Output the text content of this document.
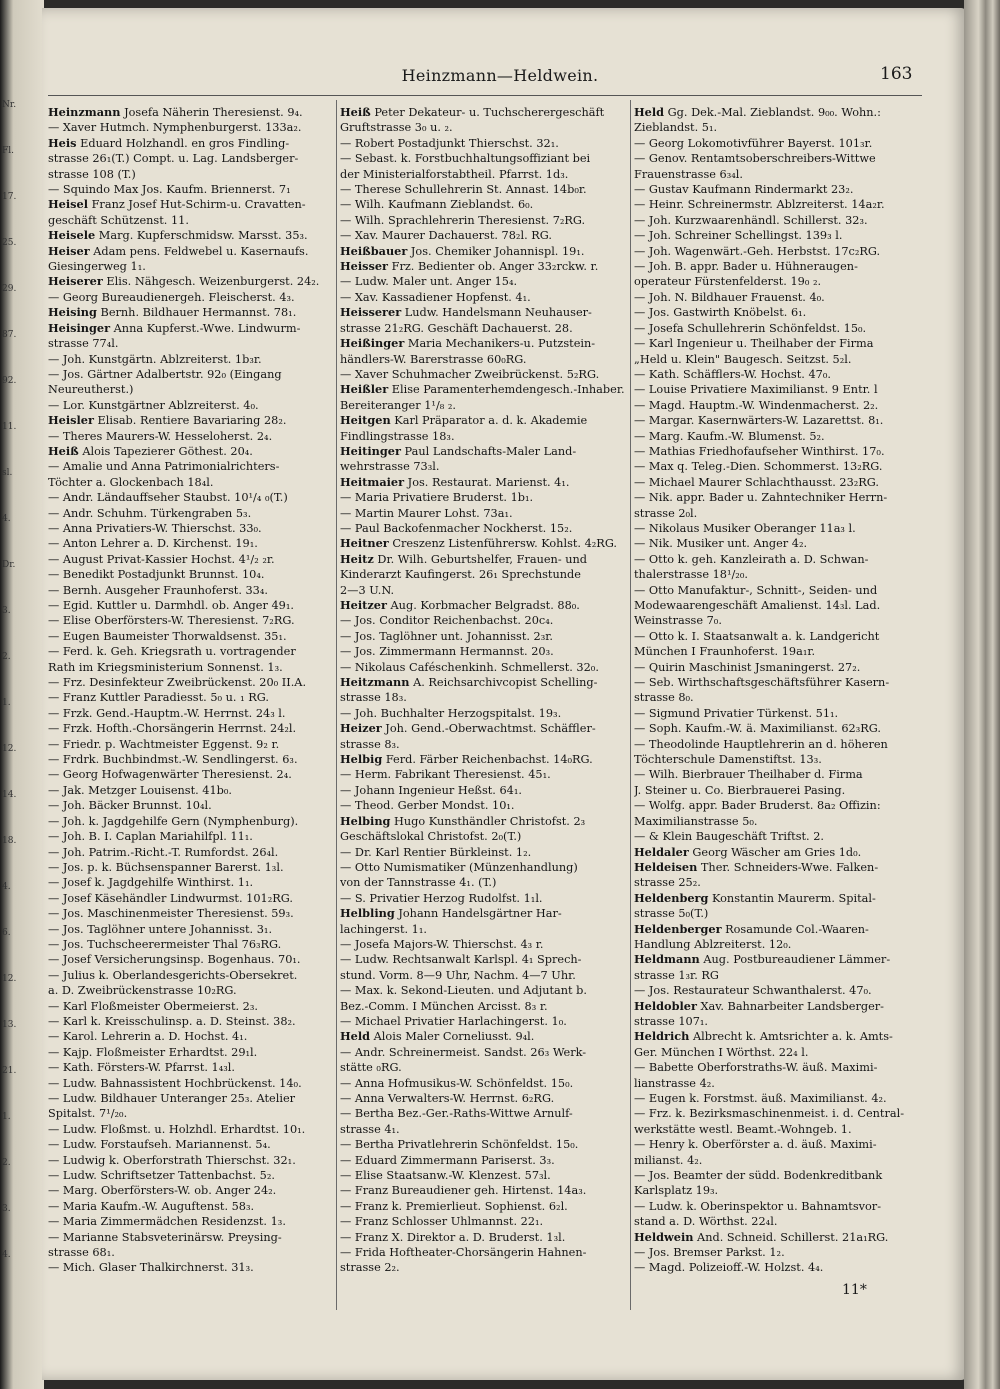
Nr.
Fl.
17.
25.
29.
87.
92.
11.
sl.
4.
Dr.
3.
2.
1.
12.
14.
18.
4.
6.
12.
13.
21.
1.
2.
3.
4.
Heinzmann—Heldwein.	163
Heinzmann Josefa Näherin Theresienst. 9₄.
— Xaver Hutmch. Nymphenburgerst. 133a₂.
Heis Eduard Holzhandl. en gros Findling-
strasse 26₁(T.) Compt. u. Lag. Landsberger-
strasse 108 (T.)
— Squindo Max Jos. Kaufm. Briennerst. 7₁
Heisel Franz Josef Hut-Schirm-u. Cravatten-
geschäft Schützenst. 11.
Heisele Marg. Kupferschmidsw. Marsst. 35₃.
Heiser Adam pens. Feldwebel u. Kasernaufs.
Giesingerweg 1₁.
Heiserer Elis. Nähgesch. Weizenburgerst. 24₂.
— Georg Bureaudienergeh. Fleischerst. 4₃.
Heising Bernh. Bildhauer Hermannst. 78₁.
Heisinger Anna Kupferst.-Wwe. Lindwurm-
strasse 77₄l.
— Joh. Kunstgärtn. Ablzreiterst. 1b₃r.
— Jos. Gärtner Adalbertstr. 92₀ (Eingang
Neureutherst.)
— Lor. Kunstgärtner Ablzreiterst. 4₀.
Heisler Elisab. Rentiere Bavariaring 28₂.
— Theres Maurers-W. Hesseloherst. 2₄.
Heiß Alois Tapezierer Göthest. 20₄.
— Amalie und Anna Patrimonialrichters-
Töchter a. Glockenbach 18₄l.
— Andr. Ländauffseher Staubst. 10¹/₄ ₀(T.)
— Andr. Schuhm. Türkengraben 5₃.
— Anna Privatiers-W. Thierschst. 33₀.
— Anton Lehrer a. D. Kirchenst. 19₁.
— August Privat-Kassier Hochst. 4¹/₂ ₂r.
— Benedikt Postadjunkt Brunnst. 10₄.
— Bernh. Ausgeher Fraunhoferst. 33₄.
— Egid. Kuttler u. Darmhdl. ob. Anger 49₁.
— Elise Oberförsters-W. Theresienst. 7₂RG.
— Eugen Baumeister Thorwaldsenst. 35₁.
— Ferd. k. Geh. Kriegsrath u. vortragender
Rath im Kriegsministerium Sonnenst. 1₃.
— Frz. Desinfekteur Zweibrückenst. 20₀ II.A.
— Franz Kuttler Paradiesst. 5₀ u. ₁ RG.
— Frzk. Gend.-Hauptm.-W. Herrnst. 24₃ l.
— Frzk. Hofth.-Chorsängerin Herrnst. 24₂l.
— Friedr. p. Wachtmeister Eggenst. 9₂ r.
— Frdrk. Buchbindmst.-W. Sendlingerst. 6₃.
— Georg Hofwagenwärter Theresienst. 2₄.
— Jak. Metzger Louisenst. 41b₀.
— Joh. Bäcker Brunnst. 10₄l.
— Joh. k. Jagdgehilfe Gern (Nymphenburg).
— Joh. B. I. Caplan Mariahilfpl. 11₁.
— Joh. Patrim.-Richt.-T. Rumfordst. 26₄l.
— Jos. p. k. Büchsenspanner Barerst. 1₃l.
— Josef k. Jagdgehilfe Winthirst. 1₁.
— Josef Käsehändler Lindwurmst. 101₂RG.
— Jos. Maschinenmeister Theresienst. 59₃.
— Jos. Taglöhner untere Johannisst. 3₁.
— Jos. Tuchscheerermeister Thal 76₃RG.
— Josef Versicherungsinsp. Bogenhaus. 70₁.
— Julius k. Oberlandesgerichts-Obersekret.
a. D. Zweibrückenstrasse 10₂RG.
— Karl Floßmeister Obermeierst. 2₃.
— Karl k. Kreisschulinsp. a. D. Steinst. 38₂.
— Karol. Lehrerin a. D. Hochst. 4₁.
— Kajp. Floßmeister Erhardtst. 29₁l.
— Kath. Försters-W. Pfarrst. 1₄₃l.
— Ludw. Bahnassistent Hochbrückenst. 14₀.
— Ludw. Bildhauer Unteranger 25₃. Atelier
Spitalst. 7¹/₂₀.
— Ludw. Floßmst. u. Holzhdl. Erhardtst. 10₁.
— Ludw. Forstaufseh. Mariannenst. 5₄.
— Ludwig k. Oberforstrath Thierschst. 32₁.
— Ludw. Schriftsetzer Tattenbachst. 5₂.
— Marg. Oberförsters-W. ob. Anger 24₂.
— Maria Kaufm.-W. Auguftenst. 58₃.
— Maria Zimmermädchen Residenzst. 1₃.
— Marianne Stabsveterinärsw. Preysing-
strasse 68₁.
— Mich. Glaser Thalkirchnerst. 31₃.
Heiß Peter Dekateur- u. Tuchscherergeschäft
Gruftstrasse 3₀ u. ₂.
— Robert Postadjunkt Thierschst. 32₁.
— Sebast. k. Forstbuchhaltungsoffiziant bei
der Ministerialforstabtheil. Pfarrst. 1d₃.
— Therese Schullehrerin St. Annast. 14b₀r.
— Wilh. Kaufmann Zieblandst. 6₀.
— Wilh. Sprachlehrerin Theresienst. 7₂RG.
— Xav. Maurer Dachauerst. 78₂l. RG.
Heißbauer Jos. Chemiker Johannispl. 19₁.
Heisser Frz. Bedienter ob. Anger 33₂rckw. r.
— Ludw. Maler unt. Anger 15₄.
— Xav. Kassadiener Hopfenst. 4₁.
Heisserer Ludw. Handelsmann Neuhauser-
strasse 21₂RG. Geschäft Dachauerst. 28.
Heißinger Maria Mechanikers-u. Putzstein-
händlers-W. Barerstrasse 60₀RG.
— Xaver Schuhmacher Zweibrückenst. 5₂RG.
Heißler Elise Paramenterhemdengesch.-Inhaber.
Bereiteranger 1¹/₈ ₂.
Heitgen Karl Präparator a. d. k. Akademie
Findlingstrasse 18₃.
Heitinger Paul Landschafts-Maler Land-
wehrstrasse 73₃l.
Heitmaier Jos. Restaurat. Marienst. 4₁.
— Maria Privatiere Bruderst. 1b₁.
— Martin Maurer Lohst. 73a₁.
— Paul Backofenmacher Nockherst. 15₂.
Heitner Creszenz Listenführersw. Kohlst. 4₂RG.
Heitz Dr. Wilh. Geburtshelfer, Frauen- und
Kinderarzt Kaufingerst. 26₁ Sprechstunde
2—3 U.N.
Heitzer Aug. Korbmacher Belgradst. 88₀.
— Jos. Conditor Reichenbachst. 20c₄.
— Jos. Taglöhner unt. Johannisst. 2₃r.
— Jos. Zimmermann Hermannst. 20₃.
— Nikolaus Caféschenkinh. Schmellerst. 32₀.
Heitzmann A. Reichsarchivcopist Schelling-
strasse 18₃.
— Joh. Buchhalter Herzogspitalst. 19₃.
Heizer Joh. Gend.-Oberwachtmst. Schäffler-
strasse 8₃.
Helbig Ferd. Färber Reichenbachst. 14₀RG.
— Herm. Fabrikant Theresienst. 45₁.
— Johann Ingenieur Heßst. 64₁.
— Theod. Gerber Mondst. 10₁.
Helbing Hugo Kunsthändler Christofst. 2₃
Geschäftslokal Christofst. 2₀(T.)
— Dr. Karl Rentier Bürkleinst. 1₂.
— Otto Numismatiker (Münzenhandlung)
von der Tannstrasse 4₁. (T.)
— S. Privatier Herzog Rudolfst. 1₁l.
Helbling Johann Handelsgärtner Har-
lachingerst. 1₁.
— Josefa Majors-W. Thierschst. 4₃ r.
— Ludw. Rechtsanwalt Karlspl. 4₁ Sprech-
stund. Vorm. 8—9 Uhr, Nachm. 4—7 Uhr.
— Max. k. Sekond-Lieuten. und Adjutant b.
Bez.-Comm. I München Arcisst. 8₃ r.
— Michael Privatier Harlachingerst. 1₀.
Held Alois Maler Corneliusst. 9₄l.
— Andr. Schreinermeist. Sandst. 26₃ Werk-
stätte ₀RG.
— Anna Hofmusikus-W. Schönfeldst. 15₀.
— Anna Verwalters-W. Herrnst. 6₂RG.
— Bertha Bez.-Ger.-Raths-Wittwe Arnulf-
strasse 4₁.
— Bertha Privatlehrerin Schönfeldst. 15₀.
— Eduard Zimmermann Pariserst. 3₃.
— Elise Staatsanw.-W. Klenzest. 57₃l.
— Franz Bureaudiener geh. Hirtenst. 14a₃.
— Franz k. Premierlieut. Sophienst. 6₂l.
— Franz Schlosser Uhlmannst. 22₁.
— Franz X. Direktor a. D. Bruderst. 1₃l.
— Frida Hoftheater-Chorsängerin Hahnen-
strasse 2₂.
Held Gg. Dek.-Mal. Zieblandst. 9₀₀. Wohn.:
Zieblandst. 5₁.
— Georg Lokomotivführer Bayerst. 101₃r.
— Genov. Rentamtsoberschreibers-Wittwe
Frauenstrasse 6₃₄l.
— Gustav Kaufmann Rindermarkt 23₂.
— Heinr. Schreinermstr. Ablzreiterst. 14a₂r.
— Joh. Kurzwaarenhändl. Schillerst. 32₃.
— Joh. Schreiner Schellingst. 139₃ l.
— Joh. Wagenwärt.-Geh. Herbstst. 17c₂RG.
— Joh. B. appr. Bader u. Hühneraugen-
operateur Fürstenfelderst. 19₀ ₂.
— Joh. N. Bildhauer Frauenst. 4₀.
— Jos. Gastwirth Knöbelst. 6₁.
— Josefa Schullehrerin Schönfeldst. 15₀.
— Karl Ingenieur u. Theilhaber der Firma
„Held u. Klein" Baugesch. Seitzst. 5₂l.
— Kath. Schäfflers-W. Hochst. 47₀.
— Louise Privatiere Maximilianst. 9 Entr. l
— Magd. Hauptm.-W. Windenmacherst. 2₂.
— Margar. Kasernwärters-W. Lazarettst. 8₁.
— Marg. Kaufm.-W. Blumenst. 5₂.
— Mathias Friedhofaufseher Winthirst. 17₀.
— Max q. Teleg.-Dien. Schommerst. 13₂RG.
— Michael Maurer Schlachthausst. 23₂RG.
— Nik. appr. Bader u. Zahntechniker Herrn-
strasse 2₀l.
— Nikolaus Musiker Oberanger 11a₃ l.
— Nik. Musiker unt. Anger 4₂.
— Otto k. geh. Kanzleirath a. D. Schwan-
thalerstrasse 18¹/₂₀.
— Otto Manufaktur-, Schnitt-, Seiden- und
Modewaarengeschäft Amalienst. 14₃l. Lad.
Weinstrasse 7₀.
— Otto k. I. Staatsanwalt a. k. Landgericht
München I Fraunhoferst. 19a₁r.
— Quirin Maschinist Jsmaningerst. 27₂.
— Seb. Wirthschaftsgeschäftsführer Kasern-
strasse 8₀.
— Sigmund Privatier Türkenst. 51₁.
— Soph. Kaufm.-W. ä. Maximilianst. 62₃RG.
— Theodolinde Hauptlehrerin an d. höheren
Töchterschule Damenstiftst. 13₃.
— Wilh. Bierbrauer Theilhaber d. Firma
J. Steiner u. Co. Bierbrauerei Pasing.
— Wolfg. appr. Bader Bruderst. 8a₂ Offizin:
Maximilianstrasse 5₀.
— & Klein Baugeschäft Triftst. 2.
Heldaler Georg Wäscher am Gries 1d₀.
Heldeisen Ther. Schneiders-Wwe. Falken-
strasse 25₂.
Heldenberg Konstantin Maurerm. Spital-
strasse 5₀(T.)
Heldenberger Rosamunde Col.-Waaren-
Handlung Ablzreiterst. 12₀.
Heldmann Aug. Postbureaudiener Lämmer-
strasse 1₃r. RG
— Jos. Restaurateur Schwanthalerst. 47₀.
Heldobler Xav. Bahnarbeiter Landsberger-
strasse 107₁.
Heldrich Albrecht k. Amtsrichter a. k. Amts-
Ger. München I Wörthst. 22₄ l.
— Babette Oberforstraths-W. äuß. Maximi-
lianstrasse 4₂.
— Eugen k. Forstmst. äuß. Maximilianst. 4₂.
— Frz. k. Bezirksmaschinenmeist. i. d. Central-
werkstätte westl. Beamt.-Wohngeb. 1.
— Henry k. Oberförster a. d. äuß. Maximi-
milianst. 4₂.
— Jos. Beamter der südd. Bodenkreditbank
Karlsplatz 19₃.
— Ludw. k. Oberinspektor u. Bahnamtsvor-
stand a. D. Wörthst. 22₄l.
Heldwein And. Schneid. Schillerst. 21a₁RG.
— Jos. Bremser Parkst. 1₂.
— Magd. Polizeioff.-W. Holzst. 4₄.
11*
